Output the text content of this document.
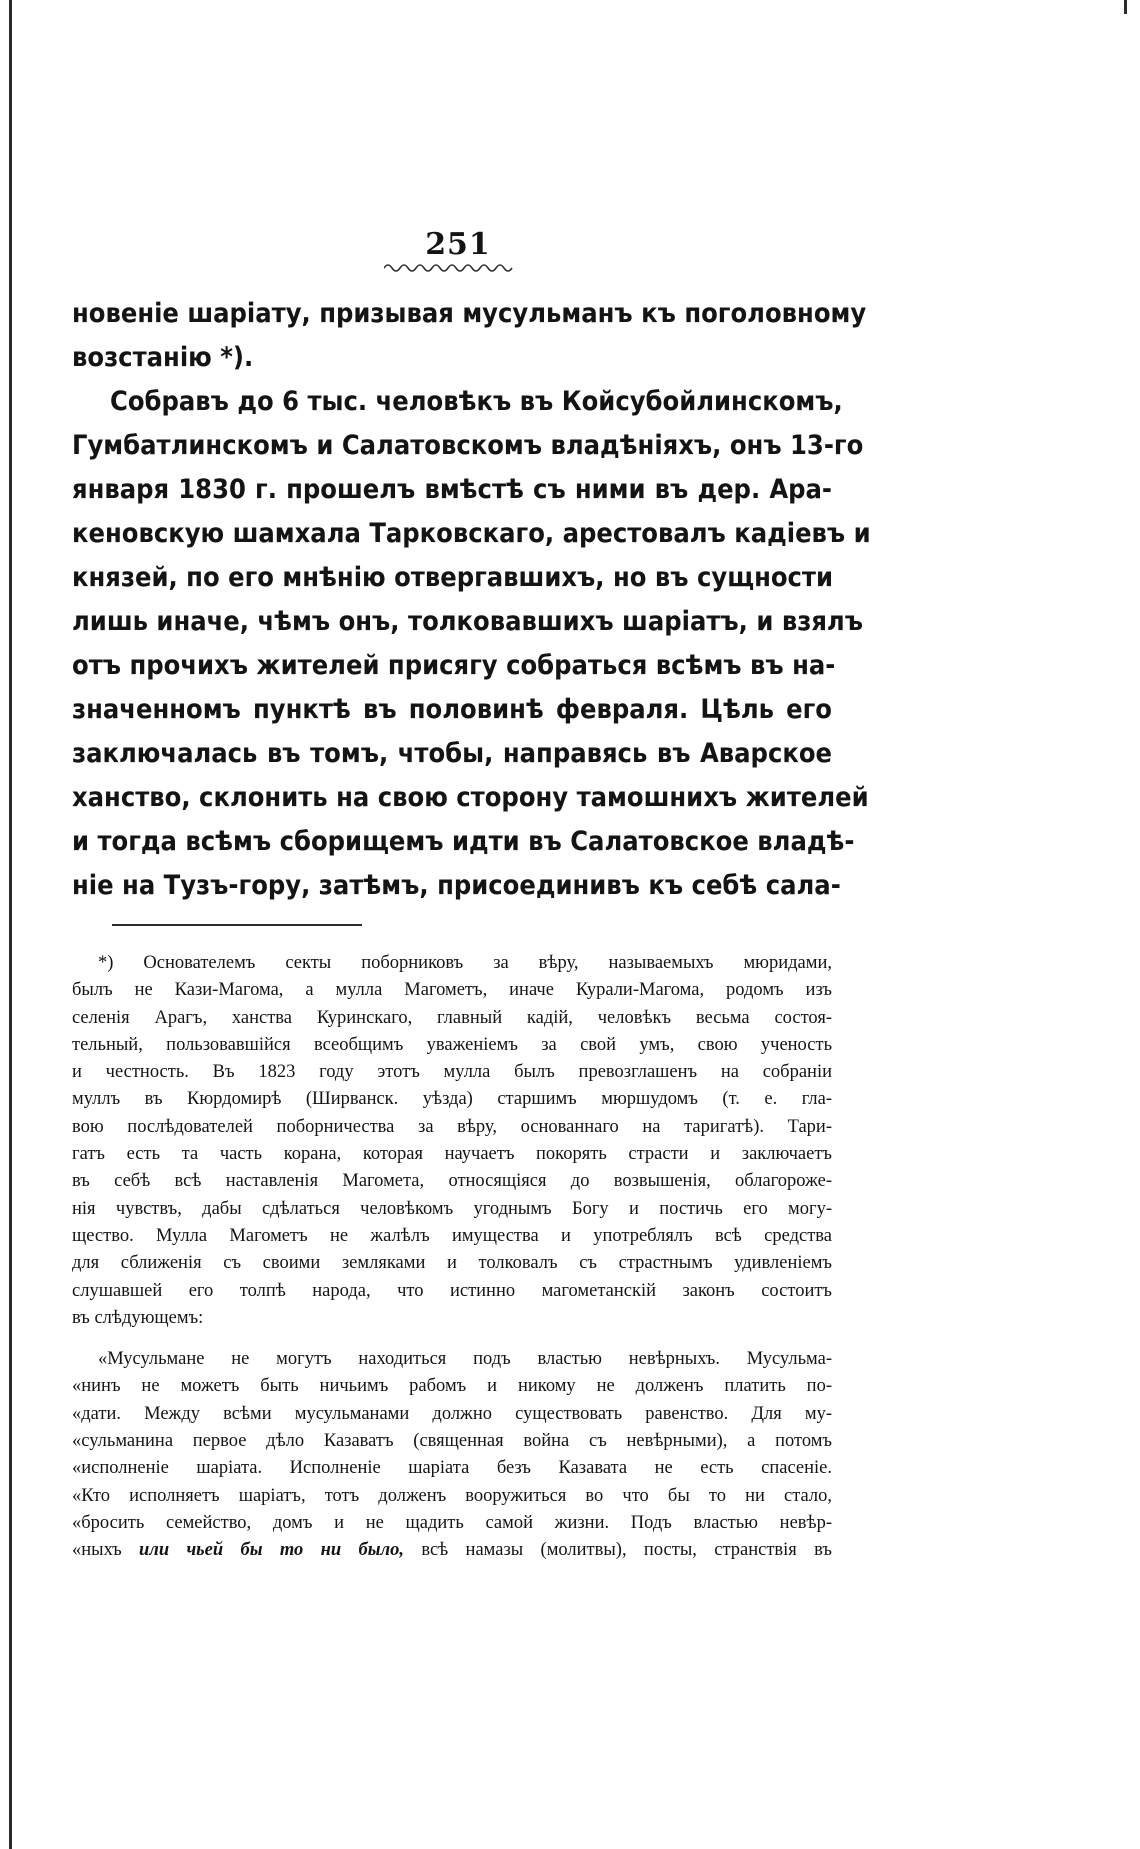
251
новеніе шаріату, призывая мусульманъ къ поголовному
возстанію *).
Собравъ до 6 тыс. человѣкъ въ Койсубойлинскомъ,
Гумбатлинскомъ и Салатовскомъ владѣніяхъ, онъ 13-го
января 1830 г. прошелъ вмѣстѣ съ ними въ дер. Ара-
кеновскую шамхала Тарковскаго, арестовалъ кадіевъ и
князей, по его мнѣнію отвергавшихъ, но въ сущности
лишь иначе, чѣмъ онъ, толковавшихъ шаріатъ, и взялъ
отъ прочихъ жителей присягу собраться всѣмъ въ на-
значенномъ пунктѣ въ половинѣ февраля. Цѣль его
заключалась въ томъ, чтобы, направясь въ Аварское
ханство, склонить на свою сторону тамошнихъ жителей
и тогда всѣмъ сборищемъ идти въ Салатовское владѣ-
ніе на Тузъ-гору, затѣмъ, присоединивъ къ себѣ сала-
*) Основателемъ секты поборниковъ за вѣру, называемыхъ мюридами,
былъ не Кази-Магома, а мулла Магометъ, иначе Курали-Магома, родомъ изъ
селенія Арагъ, ханства Куринскаго, главный кадій, человѣкъ весьма состоя-
тельный, пользовавшійся всеобщимъ уваженіемъ за свой умъ, свою ученость
и честность. Въ 1823 году этотъ мулла былъ превозглашенъ на собраніи
муллъ въ Кюрдомирѣ (Ширванск. уѣзда) старшимъ мюршудомъ (т. е. гла-
вою послѣдователей поборничества за вѣру, основаннаго на таригатѣ). Тари-
гатъ есть та часть корана, которая научаетъ покорять страсти и заключаетъ
въ себѣ всѣ наставленія Магомета, относящіяся до возвышенія, облагороже-
нія чувствъ, дабы сдѣлаться человѣкомъ угоднымъ Богу и постичь его могу-
щество. Мулла Магометъ не жалѣлъ имущества и употреблялъ всѣ средства
для сближенія съ своими земляками и толковалъ съ страстнымъ удивленіемъ
слушавшей его толпѣ народа, что истинно магометанскій законъ состоитъ
въ слѣдующемъ:
«Мусульмане не могутъ находиться подъ властью невѣрныхъ. Мусульма-
«нинъ не можетъ быть ничьимъ рабомъ и никому не долженъ платить по-
«дати. Между всѣми мусульманами должно существовать равенство. Для му-
«сульманина первое дѣло Казаватъ (священная война съ невѣрными), а потомъ
«исполненіе шаріата. Исполненіе шаріата безъ Казавата не есть спасеніе.
«Кто исполняетъ шаріатъ, тотъ долженъ вооружиться во что бы то ни стало,
«бросить семейство, домъ и не щадить самой жизни. Подъ властью невѣр-
«ныхъ или чьей бы то ни было, всѣ намазы (молитвы), посты, странствія въ
